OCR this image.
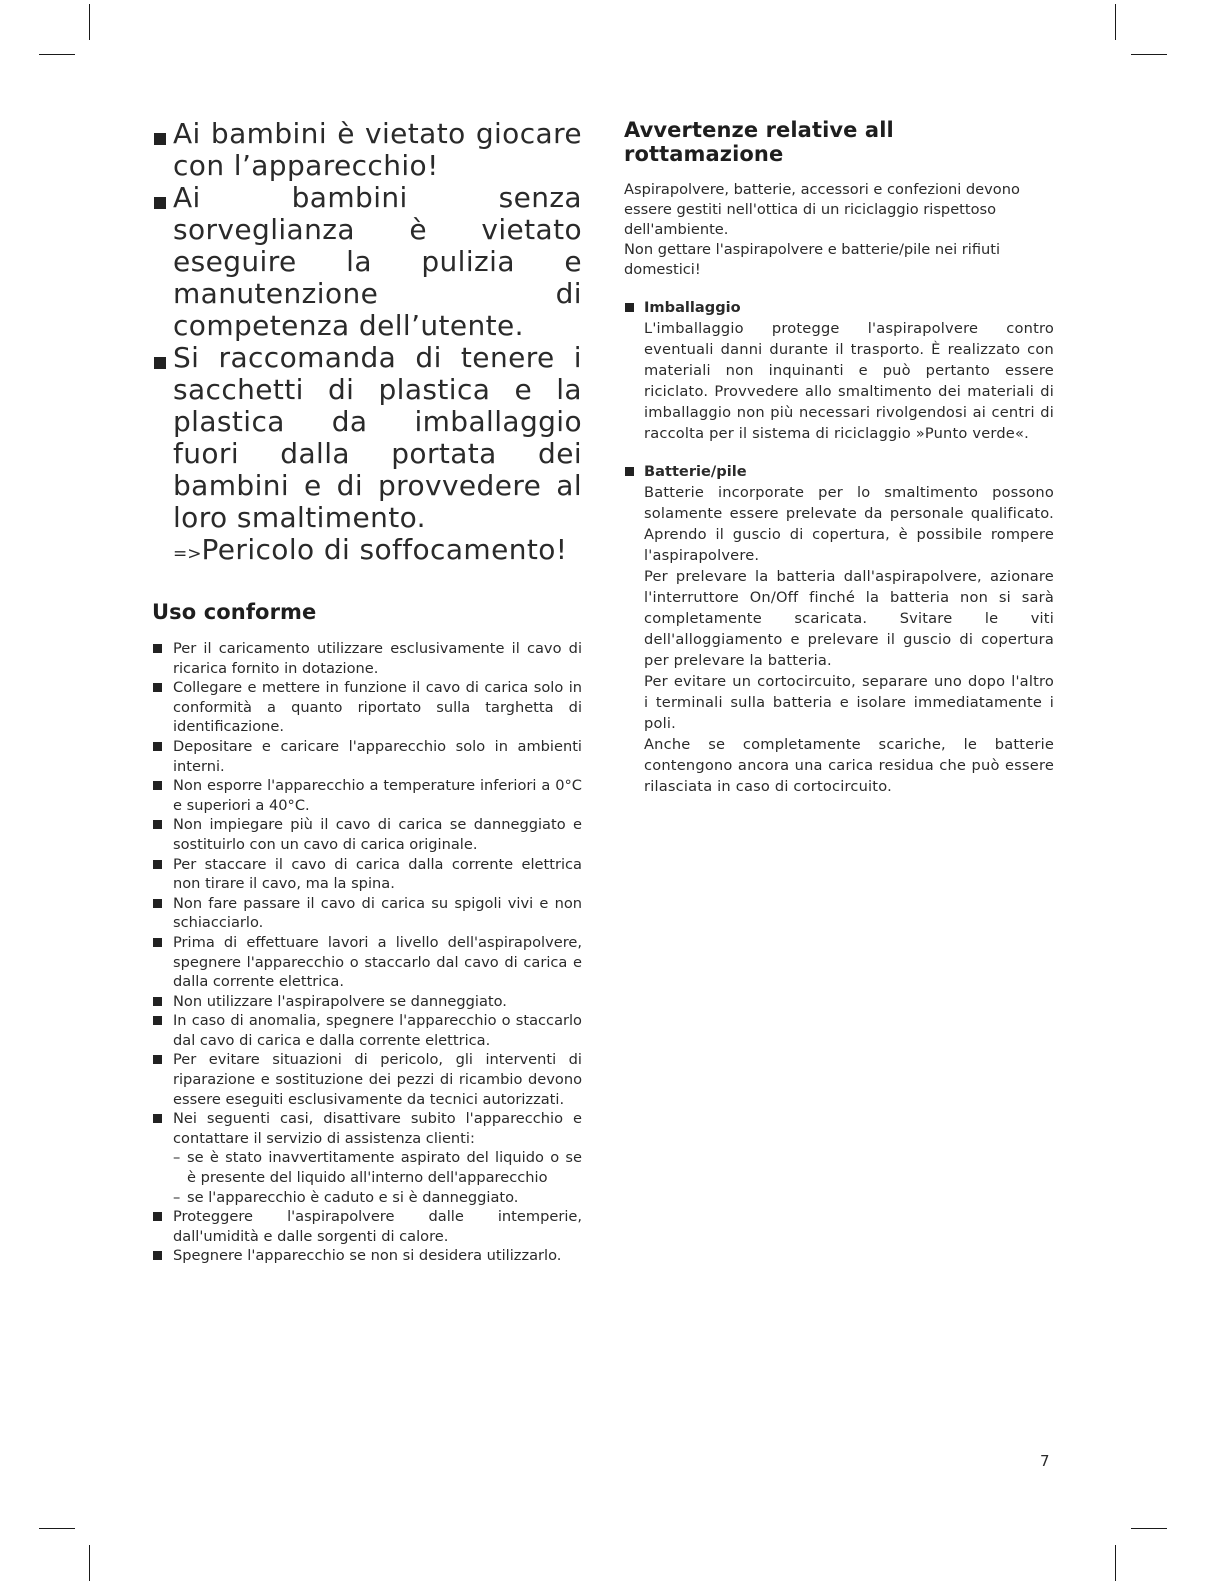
Ai bambini è vietato giocare con l’apparecchio!
Ai bambini senza sorveglianza è vietato eseguire la pulizia e manutenzione di competenza dell’utente.
Si raccomanda di tenere i sacchetti di plastica e la plastica da imballaggio fuori dalla portata dei bambini e di provvedere al loro smaltimento.
=>Pericolo di soffocamento!
Uso conforme
Per il caricamento utilizzare esclusivamente il cavo di ricarica fornito in dotazione.
Collegare e mettere in funzione il cavo di carica solo in conformità a quanto riportato sulla targhetta di identificazione.
Depositare e caricare l'apparecchio solo in ambienti interni.
Non esporre l'apparecchio a temperature inferiori a 0°C e superiori a 40°C.
Non impiegare più il cavo di carica se danneggiato e sostituirlo con un cavo di carica originale.
Per staccare il cavo di carica dalla corrente elettrica non tirare il cavo, ma la spina.
Non fare passare il cavo di carica su spigoli vivi e non schiacciarlo.
Prima di effettuare lavori a livello dell'aspirapolvere, spegnere l'apparecchio o staccarlo dal cavo di carica e dalla corrente elettrica.
Non utilizzare l'aspirapolvere se danneggiato.
In caso di anomalia, spegnere l'apparecchio o staccarlo dal cavo di carica e dalla corrente elettrica.
Per evitare situazioni di pericolo, gli interventi di riparazione e sostituzione dei pezzi di ricambio devono essere eseguiti esclusivamente da tecnici autorizzati.
Nei seguenti casi, disattivare subito l'apparecchio e contattare il servizio di assistenza clienti:
– se è stato inavvertitamente aspirato del liquido o se è presente del liquido all'interno dell'apparecchio
– se l'apparecchio è caduto e si è danneggiato.
Proteggere l'aspirapolvere dalle intemperie, dall'umidità e dalle sorgenti di calore.
Spegnere l'apparecchio se non si desidera utilizzarlo.
Avvertenze relative all rottamazione

Aspirapolvere, batterie, accessori e confezioni devono essere gestiti nell'ottica di un riciclaggio rispettoso dell'ambiente.

Non gettare l'aspirapolvere e batterie/pile nei rifiuti domestici!

Imballaggio

L'imballaggio protegge l'aspirapolvere contro eventuali danni durante il trasporto. È realizzato con materiali non inquinanti e può pertanto essere riciclato. Provvedere allo smaltimento dei materiali di imballaggio non più necessari rivolgendosi ai centri di raccolta per il sistema di riciclaggio »Punto verde«.

Batterie/pile

Batterie incorporate per lo smaltimento possono solamente essere prelevate da personale qualificato. Aprendo il guscio di copertura, è possibile rompere l'aspirapolvere.

Per prelevare la batteria dall'aspirapolvere, azionare l'interruttore On/Off finché la batteria non si sarà completamente scaricata. Svitare le viti dell'alloggiamento e prelevare il guscio di copertura per prelevare la batteria.

Per evitare un cortocircuito, separare uno dopo l'altro i terminali sulla batteria e isolare immediatamente i poli.

Anche se completamente scariche, le batterie contengono ancora una carica residua che può essere rilasciata in caso di cortocircuito.

7
